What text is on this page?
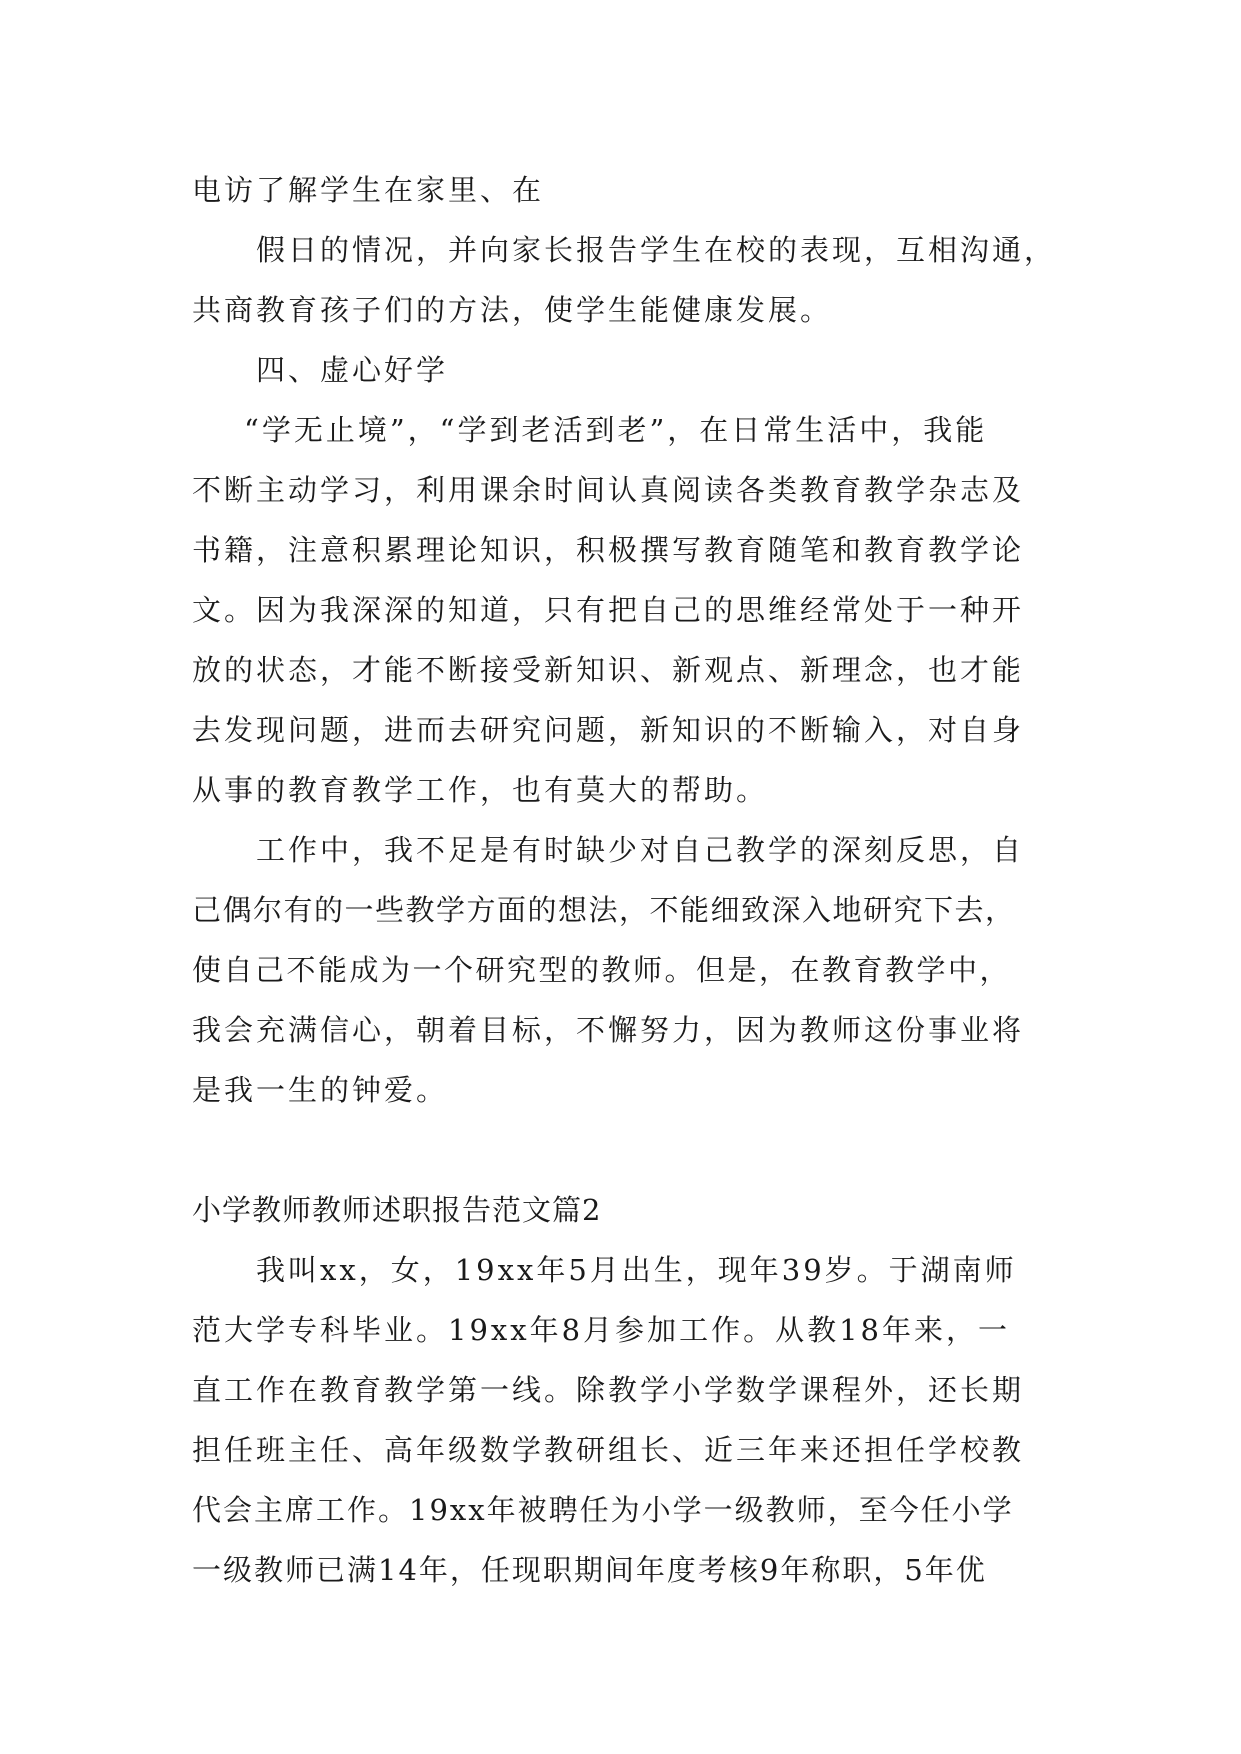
电访了解学生在家里、在
假日的情况，并向家长报告学生在校的表现，互相沟通，
共商教育孩子们的方法，使学生能健康发展。
四、虚心好学
“学无止境”，“学到老活到老”，在日常生活中，我能
不断主动学习，利用课余时间认真阅读各类教育教学杂志及
书籍，注意积累理论知识，积极撰写教育随笔和教育教学论
文。因为我深深的知道，只有把自己的思维经常处于一种开
放的状态，才能不断接受新知识、新观点、新理念，也才能
去发现问题，进而去研究问题，新知识的不断输入，对自身
从事的教育教学工作，也有莫大的帮助。
工作中，我不足是有时缺少对自己教学的深刻反思，自
己偶尔有的一些教学方面的想法，不能细致深入地研究下去，
使自己不能成为一个研究型的教师。但是，在教育教学中，
我会充满信心，朝着目标，不懈努力，因为教师这份事业将
是我一生的钟爱。
小学教师教师述职报告范文篇2
我叫xx，女，19xx年5月出生，现年39岁。于湖南师
范大学专科毕业。19xx年8月参加工作。从教18年来，一
直工作在教育教学第一线。除教学小学数学课程外，还长期
担任班主任、高年级数学教研组长、近三年来还担任学校教
代会主席工作。19xx年被聘任为小学一级教师，至今任小学
一级教师已满14年，任现职期间年度考核9年称职，5年优
